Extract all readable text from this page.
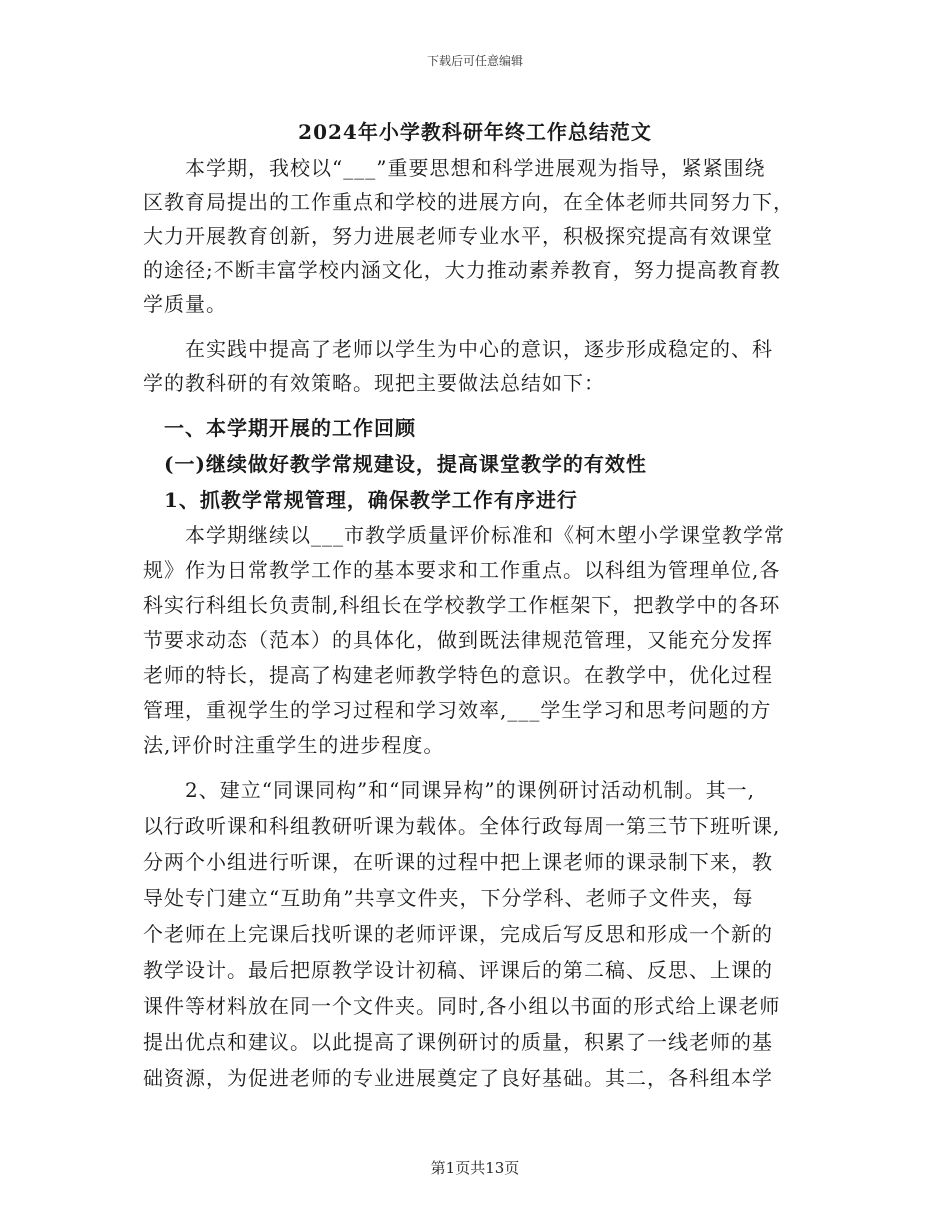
下载后可任意编辑
2024年小学教科研年终工作总结范文
　　本学期，我校以“___”重要思想和科学进展观为指导，紧紧围绕
区教育局提出的工作重点和学校的进展方向，在全体老师共同努力下，
大力开展教育创新，努力进展老师专业水平，积极探究提高有效课堂
的途径;不断丰富学校内涵文化，大力推动素养教育，努力提高教育教
学质量。
　　在实践中提高了老师以学生为中心的意识，逐步形成稳定的、科
学的教科研的有效策略。现把主要做法总结如下：
　一、本学期开展的工作回顾
　(一)继续做好教学常规建设，提高课堂教学的有效性
　1、抓教学常规管理，确保教学工作有序进行
　　本学期继续以___市教学质量评价标准和《柯木塱小学课堂教学常
规》作为日常教学工作的基本要求和工作重点。以科组为管理单位,各
科实行科组长负责制,科组长在学校教学工作框架下，把教学中的各环
节要求动态（范本）的具体化，做到既法律规范管理，又能充分发挥
老师的特长，提高了构建老师教学特色的意识。在教学中，优化过程
管理，重视学生的学习过程和学习效率,___学生学习和思考问题的方
法,评价时注重学生的进步程度。
　　2、建立“同课同构”和“同课异构”的课例研讨活动机制。其一,
以行政听课和科组教研听课为载体。全体行政每周一第三节下班听课,
分两个小组进行听课，在听课的过程中把上课老师的课录制下来，教
导处专门建立“互助角”共享文件夹，下分学科、老师子文件夹，每
个老师在上完课后找听课的老师评课，完成后写反思和形成一个新的
教学设计。最后把原教学设计初稿、评课后的第二稿、反思、上课的
课件等材料放在同一个文件夹。同时,各小组以书面的形式给上课老师
提出优点和建议。以此提高了课例研讨的质量，积累了一线老师的基
础资源，为促进老师的专业进展奠定了良好基础。其二，各科组本学
第1页共13页
